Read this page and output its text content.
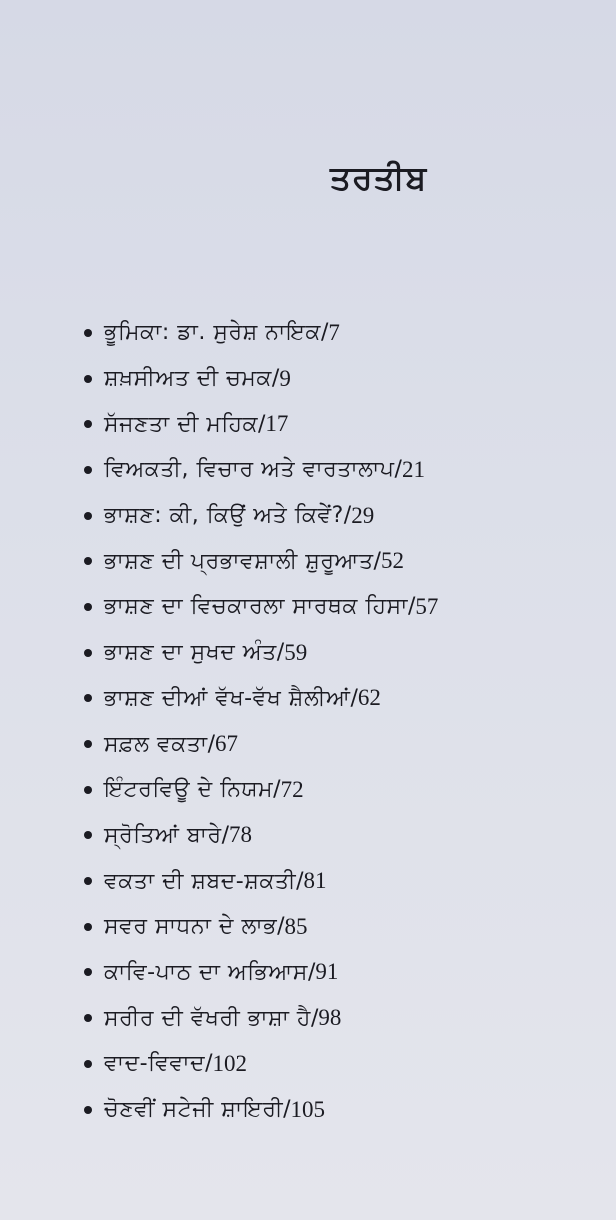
ਤਰਤੀਬ
ਭੂਮਿਕਾ: ਡਾ. ਸੁਰੇਸ਼ ਨਾਇਕ / 7
ਸ਼ਖ਼ਸੀਅਤ ਦੀ ਚਮਕ / 9
ਸੱਜਣਤਾ ਦੀ ਮਹਿਕ / 17
ਵਿਅਕਤੀ, ਵਿਚਾਰ ਅਤੇ ਵਾਰਤਾਲਾਪ / 21
ਭਾਸ਼ਣ: ਕੀ, ਕਿਉਂ ਅਤੇ ਕਿਵੇਂ? / 29
ਭਾਸ਼ਣ ਦੀ ਪ੍ਰਭਾਵਸ਼ਾਲੀ ਸ਼ੁਰੂਆਤ / 52
ਭਾਸ਼ਣ ਦਾ ਵਿਚਕਾਰਲਾ ਸਾਰਥਕ ਹਿਸਾ / 57
ਭਾਸ਼ਣ ਦਾ ਸੁਖਦ ਅੰਤ / 59
ਭਾਸ਼ਣ ਦੀਆਂ ਵੱਖ-ਵੱਖ ਸ਼ੈਲੀਆਂ / 62
ਸਫ਼ਲ ਵਕਤਾ / 67
ਇੰਟਰਵਿਊ ਦੇ ਨਿਯਮ / 72
ਸ੍ਰੋਤਿਆਂ ਬਾਰੇ / 78
ਵਕਤਾ ਦੀ ਸ਼ਬਦ-ਸ਼ਕਤੀ / 81
ਸਵਰ ਸਾਧਨਾ ਦੇ ਲਾਭ / 85
ਕਾਵਿ-ਪਾਠ ਦਾ ਅਭਿਆਸ / 91
ਸਰੀਰ ਦੀ ਵੱਖਰੀ ਭਾਸ਼ਾ ਹੈ / 98
ਵਾਦ-ਵਿਵਾਦ / 102
ਚੋਣਵੀਂ ਸਟੇਜੀ ਸ਼ਾਇਰੀ / 105
